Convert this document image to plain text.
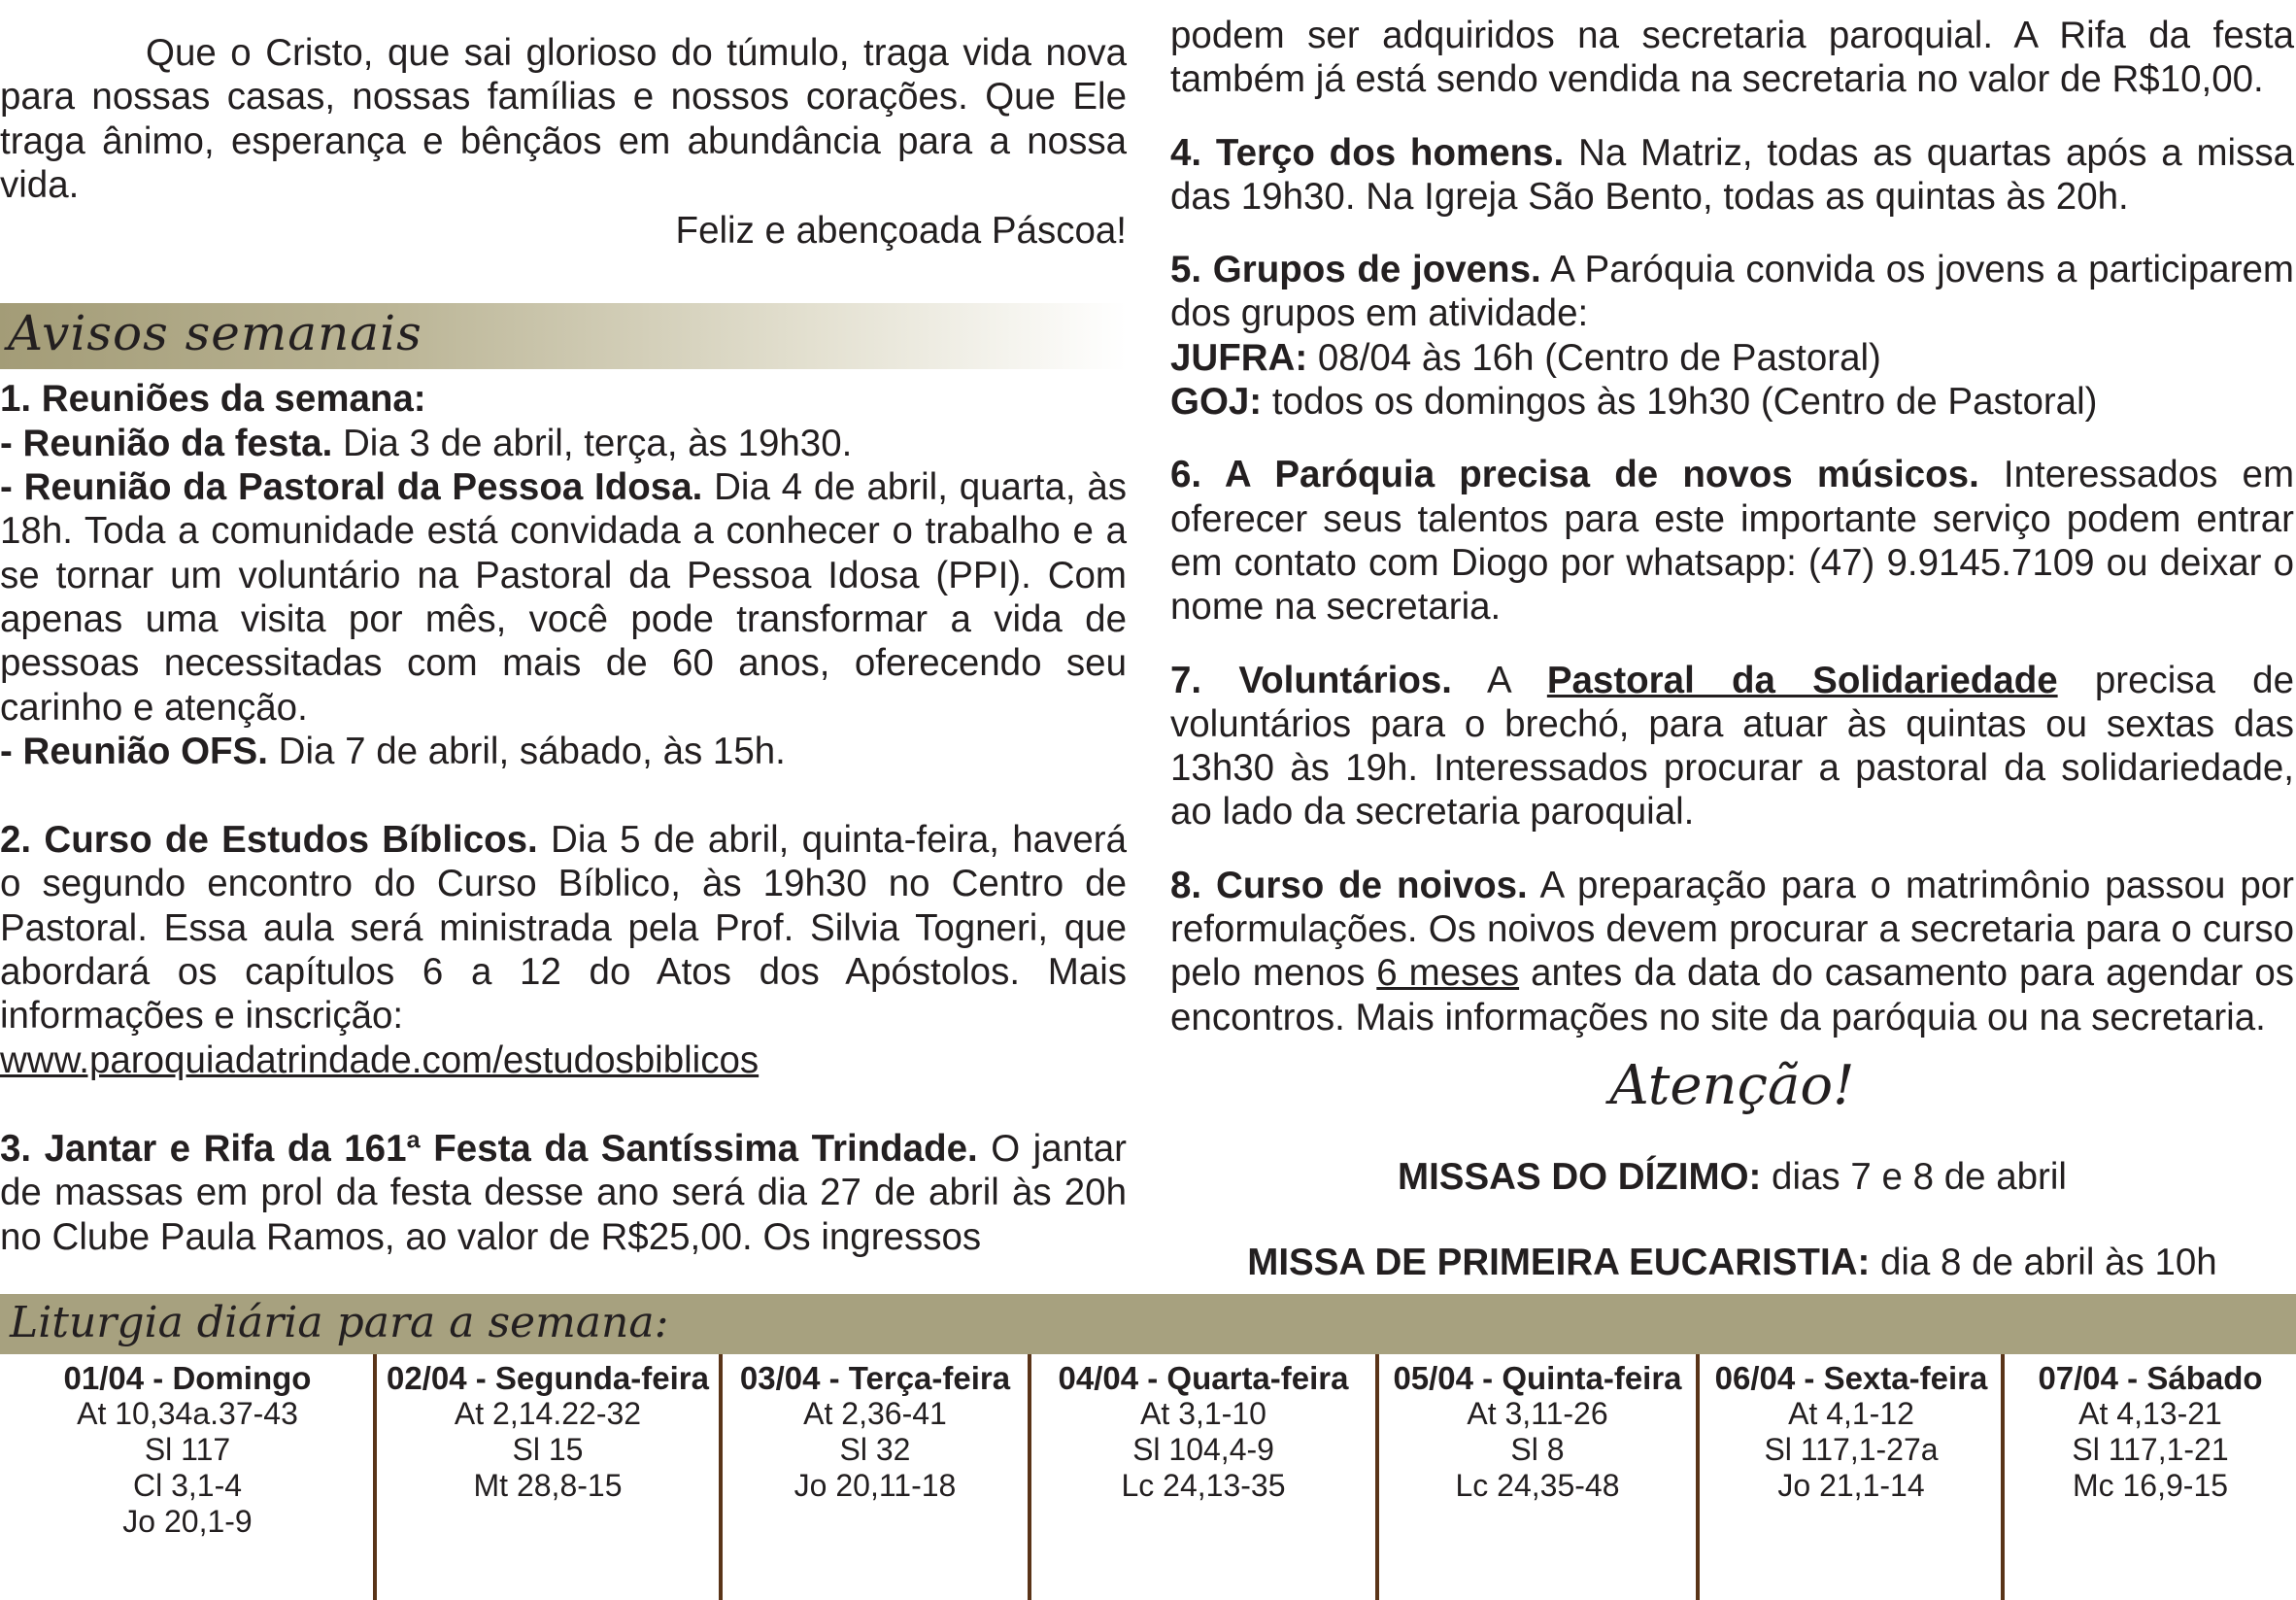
Que o Cristo, que sai glorioso do túmulo, traga vida nova para nossas casas, nossas famílias e nossos corações. Que Ele traga ânimo, esperança e bênçãos em abundância para a nossa vida.

Feliz e abençoada Páscoa!

1. Reuniões da semana:

- Reunião da festa. Dia 3 de abril, terça, às 19h30.

- Reunião da Pastoral da Pessoa Idosa. Dia 4 de abril, quarta, às 18h. Toda a comunidade está convidada a conhecer o trabalho e a se tornar um voluntário na Pastoral da Pessoa Idosa (PPI). Com apenas uma visita por mês, você pode transformar a vida de pessoas necessitadas com mais de 60 anos, oferecendo seu carinho e atenção.

- Reunião OFS. Dia 7 de abril, sábado, às 15h.

2. Curso de Estudos Bíblicos. Dia 5 de abril, quinta-feira, haverá o segundo encontro do Curso Bíblico, às 19h30 no Centro de Pastoral. Essa aula será ministrada pela Prof. Silvia Togneri, que abordará os capítulos 6 a 12 do Atos dos Apóstolos. Mais informações e inscrição:

www.paroquiadatrindade.com/estudosbiblicos

3. Jantar e Rifa da 161ª Festa da Santíssima Trindade. O jantar de massas em prol da festa desse ano será dia 27 de abril às 20h no Clube Paula Ramos, ao valor de R$25,00. Os ingressos

Avisos semanais

podem ser adquiridos na secretaria paroquial. A Rifa da festa também já está sendo vendida na secretaria no valor de R$10,00.

4. Terço dos homens. Na Matriz, todas as quartas após a missa das 19h30. Na Igreja São Bento, todas as quintas às 20h.

5. Grupos de jovens. A Paróquia convida os jovens a participarem dos grupos em atividade:

JUFRA: 08/04 às 16h (Centro de Pastoral)

GOJ: todos os domingos às 19h30 (Centro de Pastoral)

6. A Paróquia precisa de novos músicos. Interessados em oferecer seus talentos para este importante serviço podem entrar em contato com Diogo por whatsapp: (47) 9.9145.7109 ou deixar o nome na secretaria.

7. Voluntários. A Pastoral da Solidariedade precisa de voluntários para o brechó, para atuar às quintas ou sextas das 13h30 às 19h. Interessados procurar a pastoral da solidariedade, ao lado da secretaria paroquial.

8. Curso de noivos. A preparação para o matrimônio passou por reformulações. Os noivos devem procurar a secretaria para o curso pelo menos 6 meses antes da data do casamento para agendar os encontros. Mais informações no site da paróquia ou na secretaria.

Atenção!
MISSAS DO DÍZIMO: dias 7 e 8 de abril
MISSA DE PRIMEIRA EUCARISTIA: dia 8 de abril às 10h
Liturgia diária para a semana:
01/04 - Domingo
At 10,34a.37-43
Sl 117
Cl 3,1-4
Jo 20,1-9
02/04 - Segunda-feira
At 2,14.22-32
Sl 15
Mt 28,8-15
03/04 - Terça-feira
At 2,36-41
Sl 32
Jo 20,11-18
04/04 - Quarta-feira
At 3,1-10
Sl 104,4-9
Lc 24,13-35
05/04 - Quinta-feira
At 3,11-26
Sl 8
Lc 24,35-48
06/04 - Sexta-feira
At 4,1-12
Sl 117,1-27a
Jo 21,1-14
07/04 - Sábado
At 4,13-21
Sl 117,1-21
Mc 16,9-15
